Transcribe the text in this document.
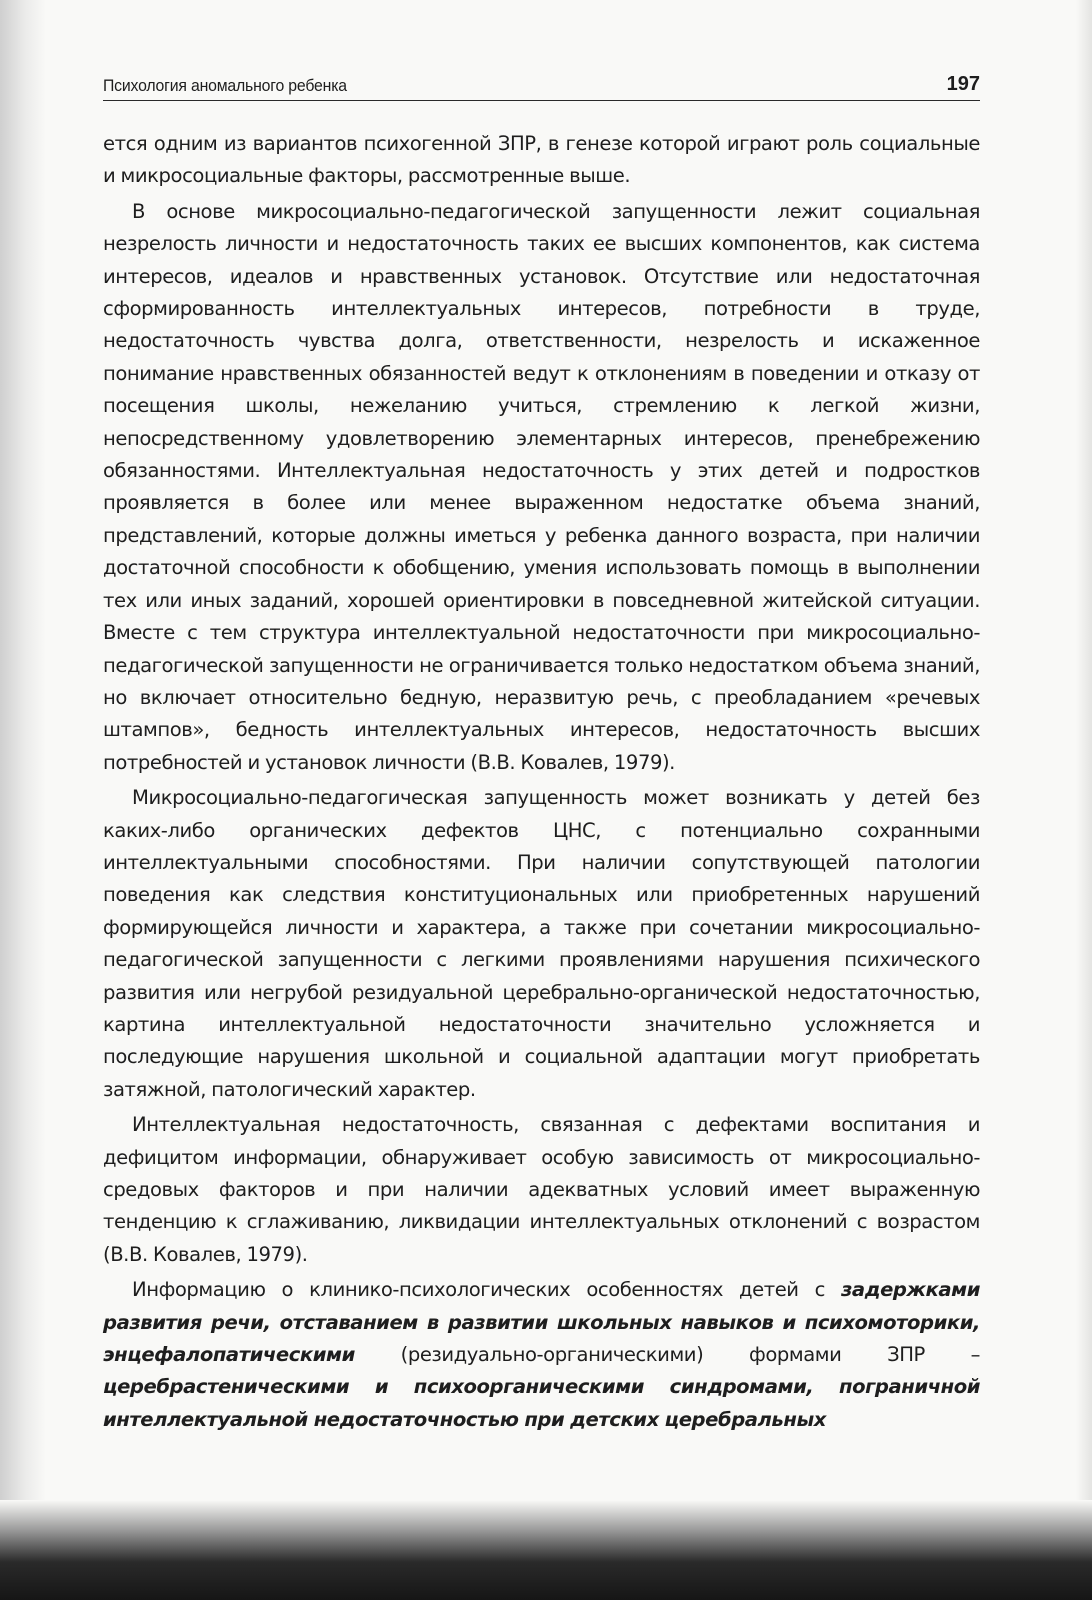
Психология аномального ребенка	197

ется одним из вариантов психогенной ЗПР, в генезе которой играют роль социальные и микросоциальные факторы, рассмотренные выше.

В основе микросоциально-педагогической запущенности лежит социальная незрелость личности и недостаточность таких ее высших компонентов, как система интересов, идеалов и нравственных установок. Отсутствие или недостаточная сформированность интеллектуальных интересов, потребности в труде, недостаточность чувства долга, ответственности, незрелость и искаженное понимание нравственных обязанностей ведут к отклонениям в поведении и отказу от посещения школы, нежеланию учиться, стремлению к легкой жизни, непосредственному удовлетворению элементарных интересов, пренебрежению обязанностями. Интеллектуальная недостаточность у этих детей и подростков проявляется в более или менее выраженном недостатке объема знаний, представлений, которые должны иметься у ребенка данного возраста, при наличии достаточной способности к обобщению, умения использовать помощь в выполнении тех или иных заданий, хорошей ориентировки в повседневной житейской ситуации. Вместе с тем структура интеллектуальной недостаточности при микросоциально-педагогической запущенности не ограничивается только недостатком объема знаний, но включает относительно бедную, неразвитую речь, с преобладанием «речевых штампов», бедность интеллектуальных интересов, недостаточность высших потребностей и установок личности (В.В. Ковалев, 1979).

Микросоциально-педагогическая запущенность может возникать у детей без каких-либо органических дефектов ЦНС, с потенциально сохранными интеллектуальными способностями. При наличии сопутствующей патологии поведения как следствия конституциональных или приобретенных нарушений формирующейся личности и характера, а также при сочетании микросоциально-педагогической запущенности с легкими проявлениями нарушения психического развития или негрубой резидуальной церебрально-органической недостаточностью, картина интеллектуальной недостаточности значительно усложняется и последующие нарушения школьной и социальной адаптации могут приобретать затяжной, патологический характер.

Интеллектуальная недостаточность, связанная с дефектами воспитания и дефицитом информации, обнаруживает особую зависимость от микросоциально-средовых факторов и при наличии адекватных условий имеет выраженную тенденцию к сглаживанию, ликвидации интеллектуальных отклонений с возрастом (В.В. Ковалев, 1979).

Информацию о клинико-психологических особенностях детей с задержками развития речи, отставанием в развитии школьных навыков и психомоторики, энцефалопатическими (резидуально-органическими) формами ЗПР – церебрастеническими и психоорганическими синдромами, пограничной интеллектуальной недостаточностью при детских церебральных
